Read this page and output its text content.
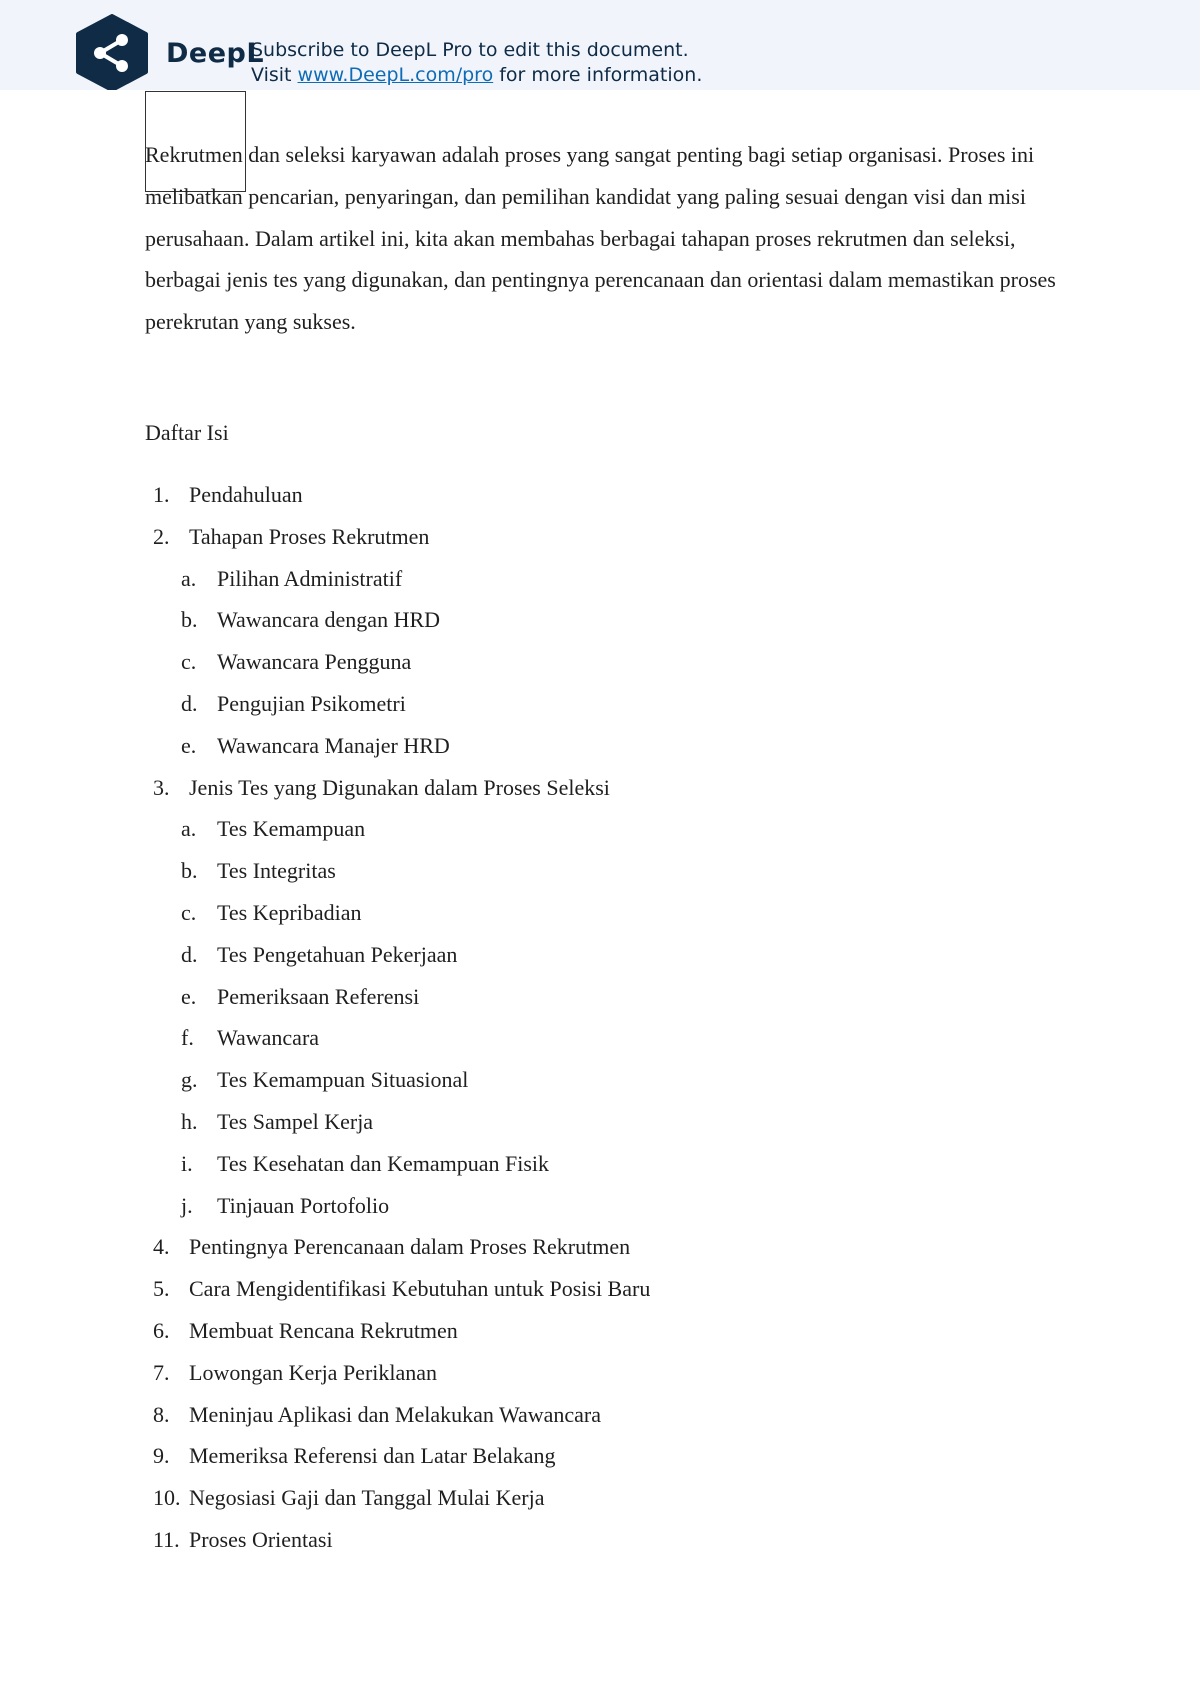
DeepL
Subscribe to DeepL Pro to edit this document.
Visit www.DeepL.com/pro for more information.

Rekrutmen dan seleksi karyawan adalah proses yang sangat penting bagi setiap organisasi. Proses ini melibatkan pencarian, penyaringan, dan pemilihan kandidat yang paling sesuai dengan visi dan misi perusahaan. Dalam artikel ini, kita akan membahas berbagai tahapan proses rekrutmen dan seleksi, berbagai jenis tes yang digunakan, dan pentingnya perencanaan dan orientasi dalam memastikan proses perekrutan yang sukses.

Daftar Isi

1. Pendahuluan
2. Tahapan Proses Rekrutmen
a. Pilihan Administratif
b. Wawancara dengan HRD
c. Wawancara Pengguna
d. Pengujian Psikometri
e. Wawancara Manajer HRD
3. Jenis Tes yang Digunakan dalam Proses Seleksi
a. Tes Kemampuan
b. Tes Integritas
c. Tes Kepribadian
d. Tes Pengetahuan Pekerjaan
e. Pemeriksaan Referensi
f. Wawancara
g. Tes Kemampuan Situasional
h. Tes Sampel Kerja
i. Tes Kesehatan dan Kemampuan Fisik
j. Tinjauan Portofolio
4. Pentingnya Perencanaan dalam Proses Rekrutmen
5. Cara Mengidentifikasi Kebutuhan untuk Posisi Baru
6. Membuat Rencana Rekrutmen
7. Lowongan Kerja Periklanan
8. Meninjau Aplikasi dan Melakukan Wawancara
9. Memeriksa Referensi dan Latar Belakang
10. Negosiasi Gaji dan Tanggal Mulai Kerja
11. Proses Orientasi
